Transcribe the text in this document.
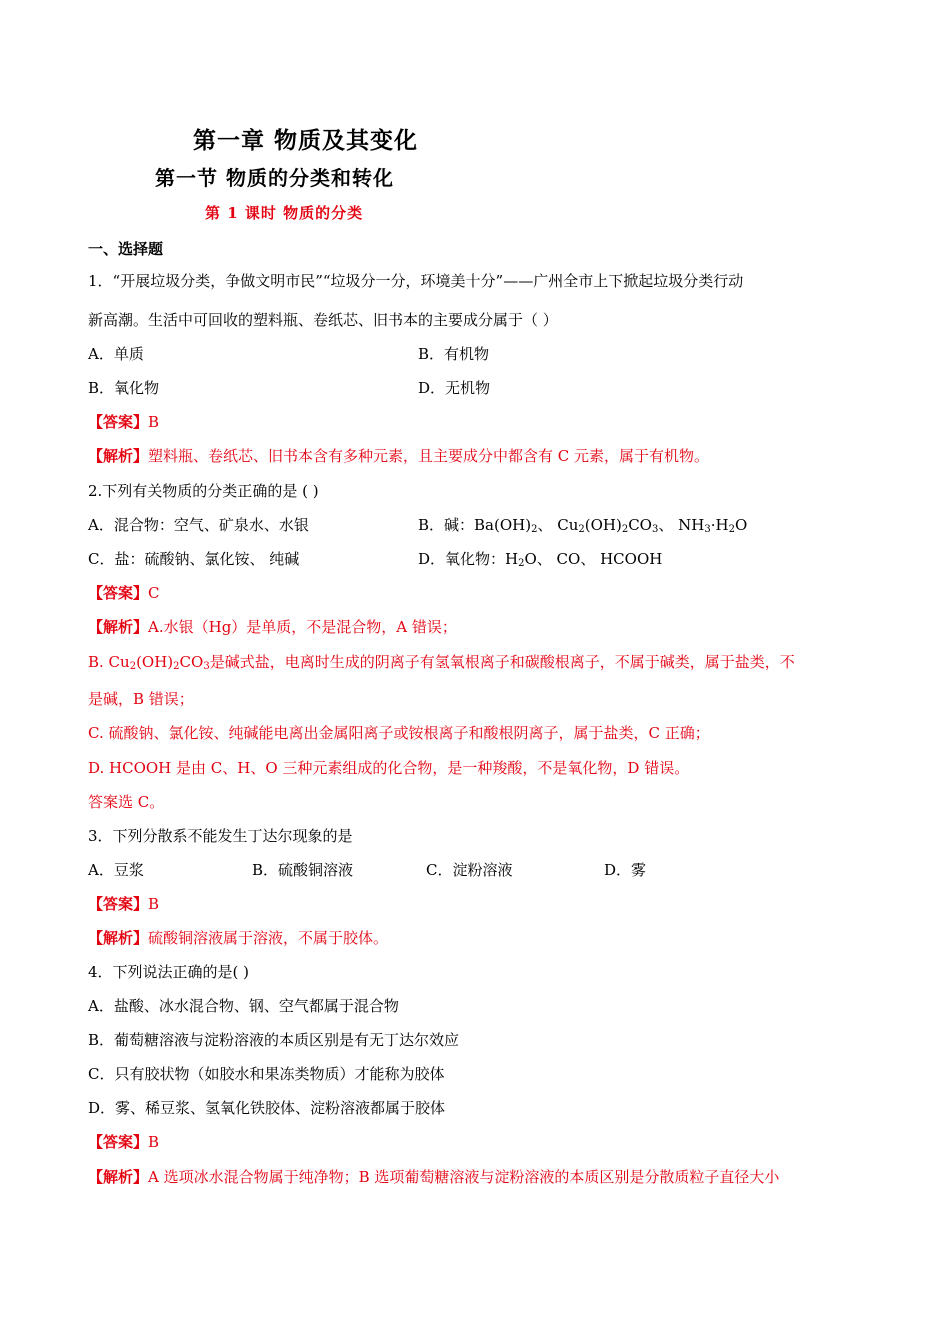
第一章 物质及其变化
第一节 物质的分类和转化
第 1 课时 物质的分类
一、选择题
1．“开展垃圾分类，争做文明市民”“垃圾分一分，环境美十分”——广州全市上下掀起垃圾分类行动
新高潮。生活中可回收的塑料瓶、卷纸芯、旧书本的主要成分属于（ ）
A．单质	B．有机物
B．氧化物	D．无机物
【答案】B
【解析】塑料瓶、卷纸芯、旧书本含有多种元素，且主要成分中都含有 C 元素，属于有机物。
2.下列有关物质的分类正确的是 ( )
A．混合物：空气、矿泉水、水银	B．碱：$Ba(OH)_2$、 $Cu_2(OH)_2CO_3$、 $NH_3\cdot H_2O$
C．盐：硫酸钠、氯化铵、 纯碱	D．氧化物：$H_2O$、 CO、 HCOOH
【答案】C
【解析】A.水银（Hg）是单质，不是混合物，A 错误；
B. $Cu_2(OH)_2CO_3$是碱式盐，电离时生成的阴离子有氢氧根离子和碳酸根离子，不属于碱类，属于盐类，不
是碱，B 错误；
C. 硫酸钠、氯化铵、纯碱能电离出金属阳离子或铵根离子和酸根阴离子，属于盐类，C 正确；
D. HCOOH 是由 C、H、O 三种元素组成的化合物，是一种羧酸，不是氧化物，D 错误。
答案选 C。
3．下列分散系不能发生丁达尔现象的是
A．豆浆	B．硫酸铜溶液	C．淀粉溶液	D．雾
【答案】B
【解析】硫酸铜溶液属于溶液，不属于胶体。
4．下列说法正确的是( )
A．盐酸、冰水混合物、钢、空气都属于混合物
B．葡萄糖溶液与淀粉溶液的本质区别是有无丁达尔效应
C．只有胶状物（如胶水和果冻类物质）才能称为胶体
D．雾、稀豆浆、氢氧化铁胶体、淀粉溶液都属于胶体
【答案】B
【解析】A 选项冰水混合物属于纯净物；B 选项葡萄糖溶液与淀粉溶液的本质区别是分散质粒子直径大小
